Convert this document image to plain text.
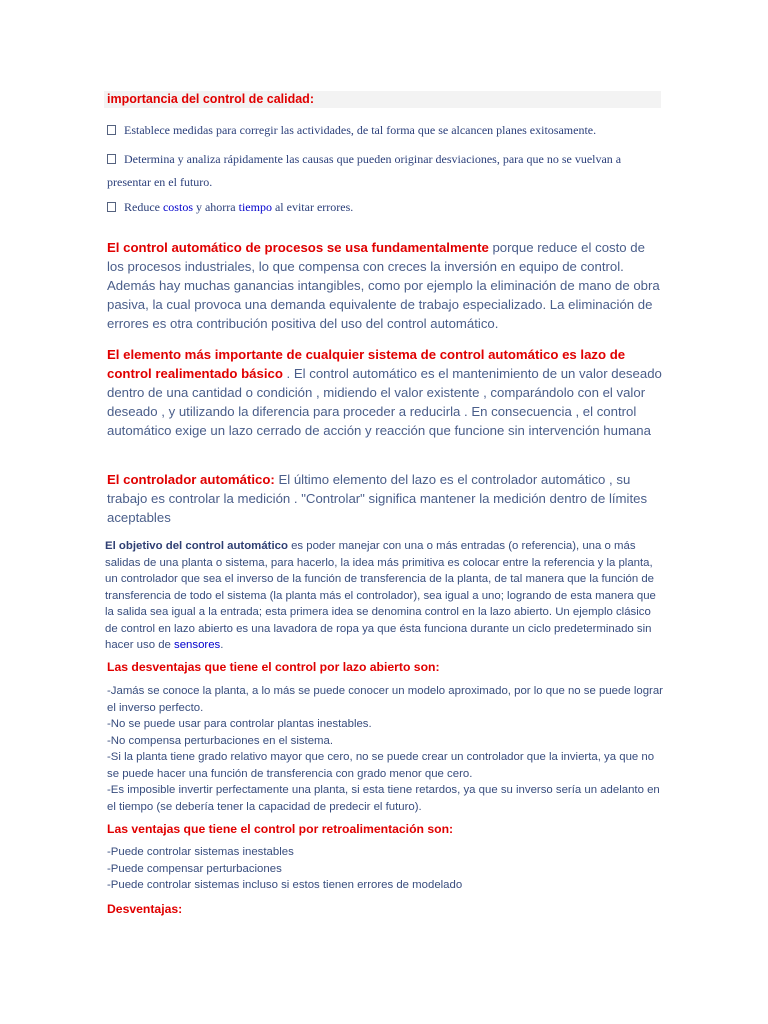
importancia del control de calidad:

Establece medidas para corregir las actividades, de tal forma que se alcancen planes exitosamente.

Determina y analiza rápidamente las causas que pueden originar desviaciones, para que no se vuelvan a presentar en el futuro.

Reduce costos y ahorra tiempo al evitar errores.

El control automático de procesos se usa fundamentalmente porque reduce el costo de los procesos industriales, lo que compensa con creces la inversión en equipo de control. Además hay muchas ganancias intangibles, como por ejemplo la eliminación de mano de obra pasiva, la cual provoca una demanda equivalente de trabajo especializado. La eliminación de errores es otra contribución positiva del uso del control automático.

El elemento más importante de cualquier sistema de control automático es lazo de control realimentado básico . El control automático es el mantenimiento de un valor deseado dentro de una cantidad o condición , midiendo el valor existente , comparándolo con el valor deseado , y utilizando la diferencia para proceder a reducirla . En consecuencia , el control automático exige un lazo cerrado de acción y reacción que funcione sin intervención humana

El controlador automático: El último elemento del lazo es el controlador automático , su trabajo es controlar la medición . "Controlar" significa mantener la medición dentro de límites aceptables

El objetivo del control automático es poder manejar con una o más entradas (o referencia), una o más salidas de una planta o sistema, para hacerlo, la idea más primitiva es colocar entre la referencia y la planta, un controlador que sea el inverso de la función de transferencia de la planta, de tal manera que la función de transferencia de todo el sistema (la planta más el controlador), sea igual a uno; logrando de esta manera que la salida sea igual a la entrada; esta primera idea se denomina control en la lazo abierto. Un ejemplo clásico de control en lazo abierto es una lavadora de ropa ya que ésta funciona durante un ciclo predeterminado sin hacer uso de sensores.

Las desventajas que tiene el control por lazo abierto son:
-Jamás se conoce la planta, a lo más se puede conocer un modelo aproximado, por lo que no se puede lograr el inverso perfecto.
-No se puede usar para controlar plantas inestables.
-No compensa perturbaciones en el sistema.
-Si la planta tiene grado relativo mayor que cero, no se puede crear un controlador que la invierta, ya que no se puede hacer una función de transferencia con grado menor que cero.
-Es imposible invertir perfectamente una planta, si esta tiene retardos, ya que su inverso sería un adelanto en el tiempo (se debería tener la capacidad de predecir el futuro).
Las ventajas que tiene el control por retroalimentación son:
-Puede controlar sistemas inestables
-Puede compensar perturbaciones
-Puede controlar sistemas incluso si estos tienen errores de modelado
Desventajas:
